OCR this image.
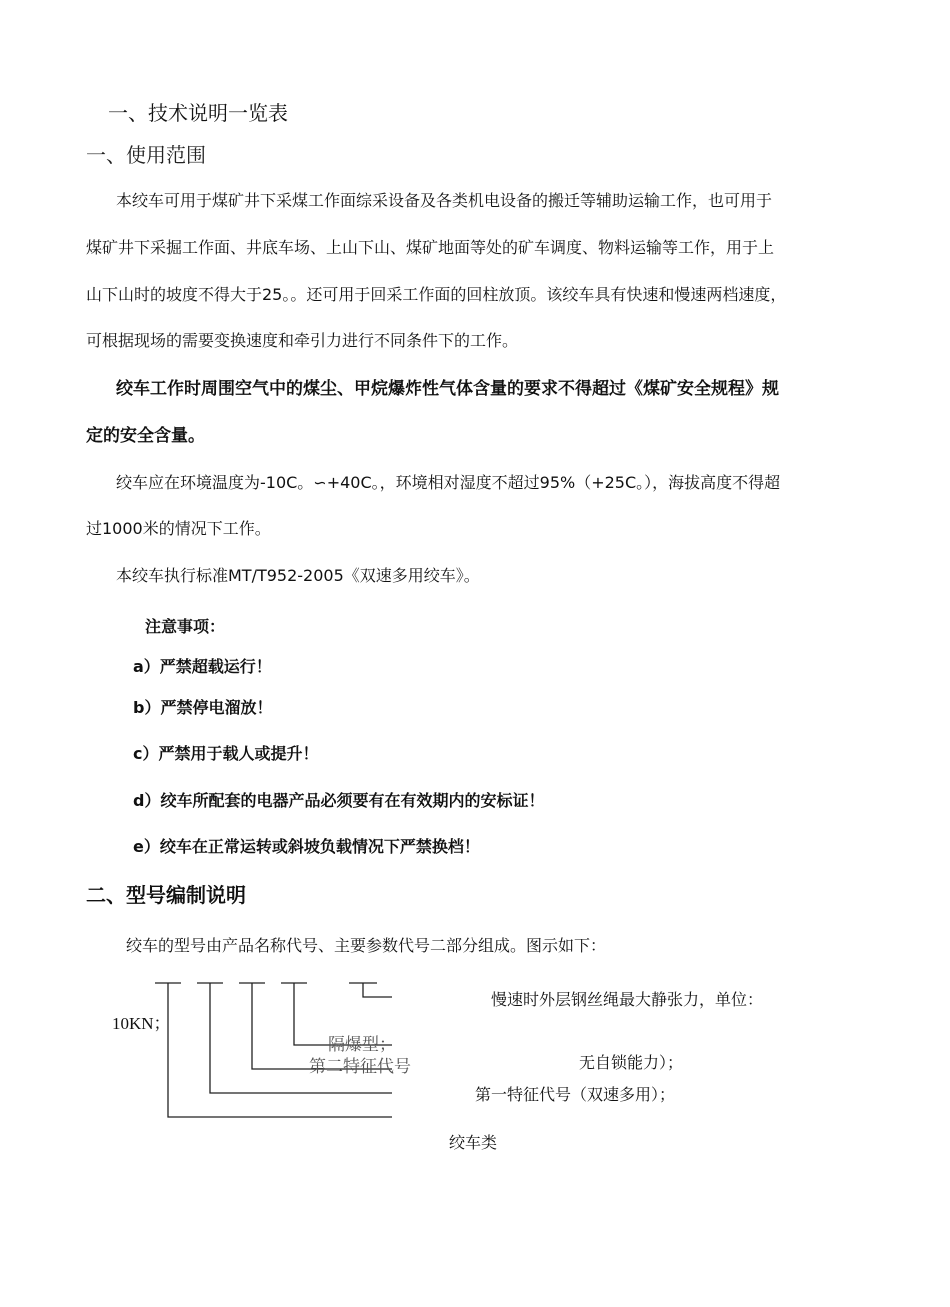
一、技术说明一览表
一、使用范围
本绞车可用于煤矿井下采煤工作面综采设备及各类机电设备的搬迁等辅助运输工作，也可用于
煤矿井下采掘工作面、井底车场、上山下山、煤矿地面等处的矿车调度、物料运输等工作，用于上
山下山时的坡度不得大于25。。还可用于回采工作面的回柱放顶。该绞车具有快速和慢速两档速度，
可根据现场的需要变换速度和牵引力进行不同条件下的工作。
绞车工作时周围空气中的煤尘、甲烷爆炸性气体含量的要求不得超过《煤矿安全规程》规
定的安全含量。
绞车应在环境温度为-10C。∽+40C。，环境相对湿度不超过95%（+25C。），海拔高度不得超
过1000米的情况下工作。
本绞车执行标准MT/T952-2005《双速多用绞车》。
注意事项：
a）严禁超载运行！
b）严禁停电溜放！
c）严禁用于载人或提升！
d）绞车所配套的电器产品必须要有在有效期内的安标证！
e）绞车在正常运转或斜坡负载情况下严禁换档！
二、型号编制说明
绞车的型号由产品名称代号、主要参数代号二部分组成。图示如下：
10KN；
慢速时外层钢丝绳最大静张力，单位：
隔爆型；
第二特征代号	无自锁能力）；
第一特征代号（双速多用）；
绞车类
